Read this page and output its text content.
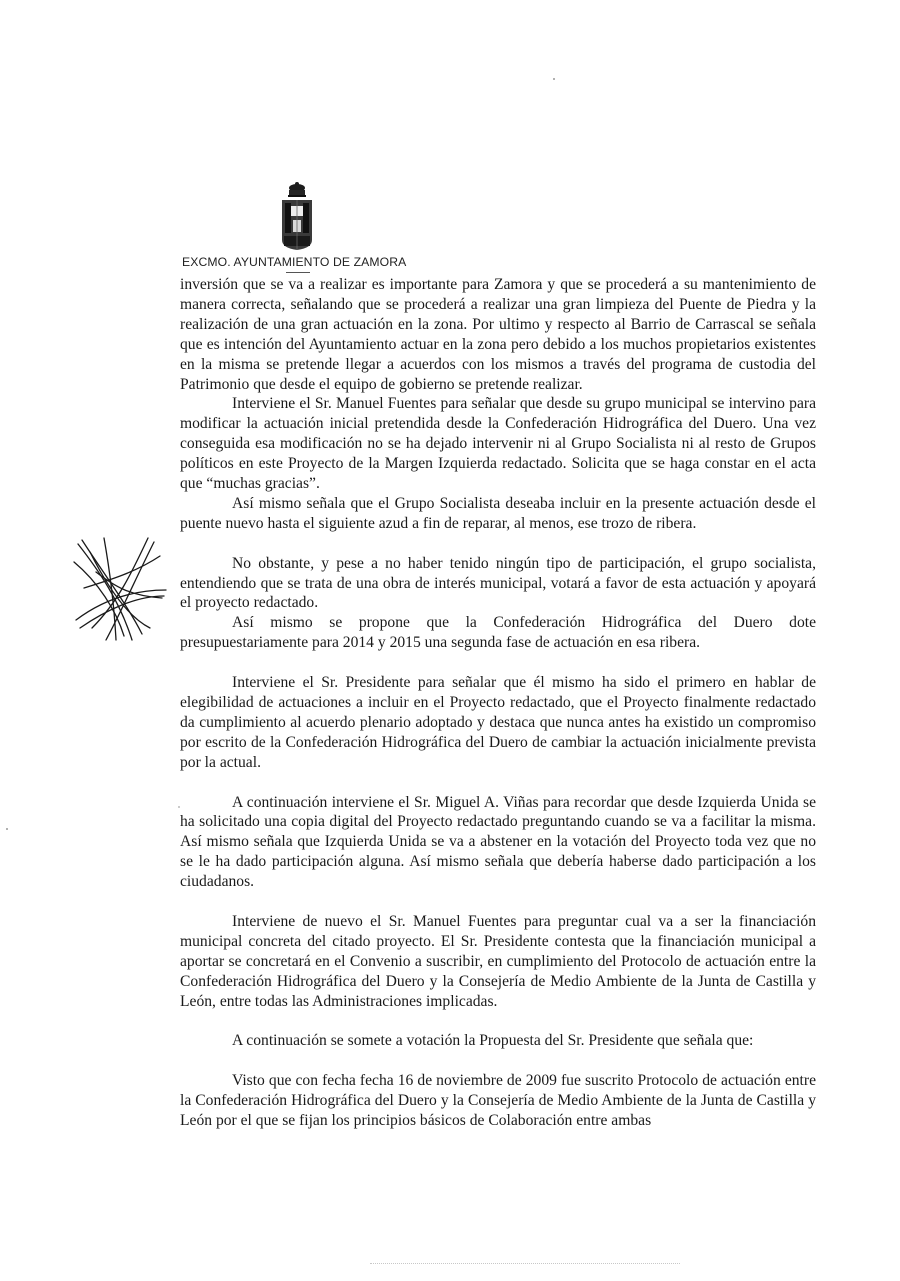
EXCMO. AYUNTAMIENTO DE ZAMORA

inversión que se va a realizar es importante para Zamora y que se procederá a su mantenimiento de manera correcta, señalando que se procederá a realizar una gran limpieza del Puente de Piedra y la realización de una gran actuación en la zona. Por ultimo y respecto al Barrio de Carrascal se señala que es intención del Ayuntamiento actuar en la zona pero debido a los muchos propietarios existentes en la misma se pretende llegar a acuerdos con los mismos a través del programa de custodia del Patrimonio que desde el equipo de gobierno se pretende realizar.

Interviene el Sr. Manuel Fuentes para señalar que desde su grupo municipal se intervino para modificar la actuación inicial pretendida desde la Confederación Hidrográfica del Duero. Una vez conseguida esa modificación no se ha dejado intervenir ni al Grupo Socialista ni al resto de Grupos políticos en este Proyecto de la Margen Izquierda redactado. Solicita que se haga constar en el acta que “muchas gracias”.

Así mismo señala que el Grupo Socialista deseaba incluir en la presente actuación desde el puente nuevo hasta el siguiente azud a fin de reparar, al menos, ese trozo de ribera.

No obstante, y pese a no haber tenido ningún tipo de participación, el grupo socialista, entendiendo que se trata de una obra de interés municipal, votará a favor de esta actuación y apoyará el proyecto redactado.

Así mismo se propone que la Confederación Hidrográfica del Duero dote presupuestariamente para 2014 y 2015 una segunda fase de actuación en esa ribera.

Interviene el Sr. Presidente para señalar que él mismo ha sido el primero en hablar de elegibilidad de actuaciones a incluir en el Proyecto redactado, que el Proyecto finalmente redactado da cumplimiento al acuerdo plenario adoptado y destaca que nunca antes ha existido un compromiso por escrito de la Confederación Hidrográfica del Duero de cambiar la actuación inicialmente prevista por la actual.

A continuación interviene el Sr. Miguel A. Viñas para recordar que desde Izquierda Unida se ha solicitado una copia digital del Proyecto redactado preguntando cuando se va a facilitar la misma. Así mismo señala que Izquierda Unida se va a abstener en la votación del Proyecto toda vez que no se le ha dado participación alguna. Así mismo señala que debería haberse dado participación a los ciudadanos.

Interviene de nuevo el Sr. Manuel Fuentes para preguntar cual va a ser la financiación municipal concreta del citado proyecto. El Sr. Presidente contesta que la financiación municipal a aportar se concretará en el Convenio a suscribir, en cumplimiento del Protocolo de actuación entre la Confederación Hidrográfica del Duero y la Consejería de Medio Ambiente de la Junta de Castilla y León, entre todas las Administraciones implicadas.

A continuación se somete a votación la Propuesta del Sr. Presidente que señala que:

Visto que con fecha fecha 16 de noviembre de 2009 fue suscrito Protocolo de actuación entre la Confederación Hidrográfica del Duero y la Consejería de Medio Ambiente de la Junta de Castilla y León por el que se fijan los principios básicos de Colaboración entre ambas
